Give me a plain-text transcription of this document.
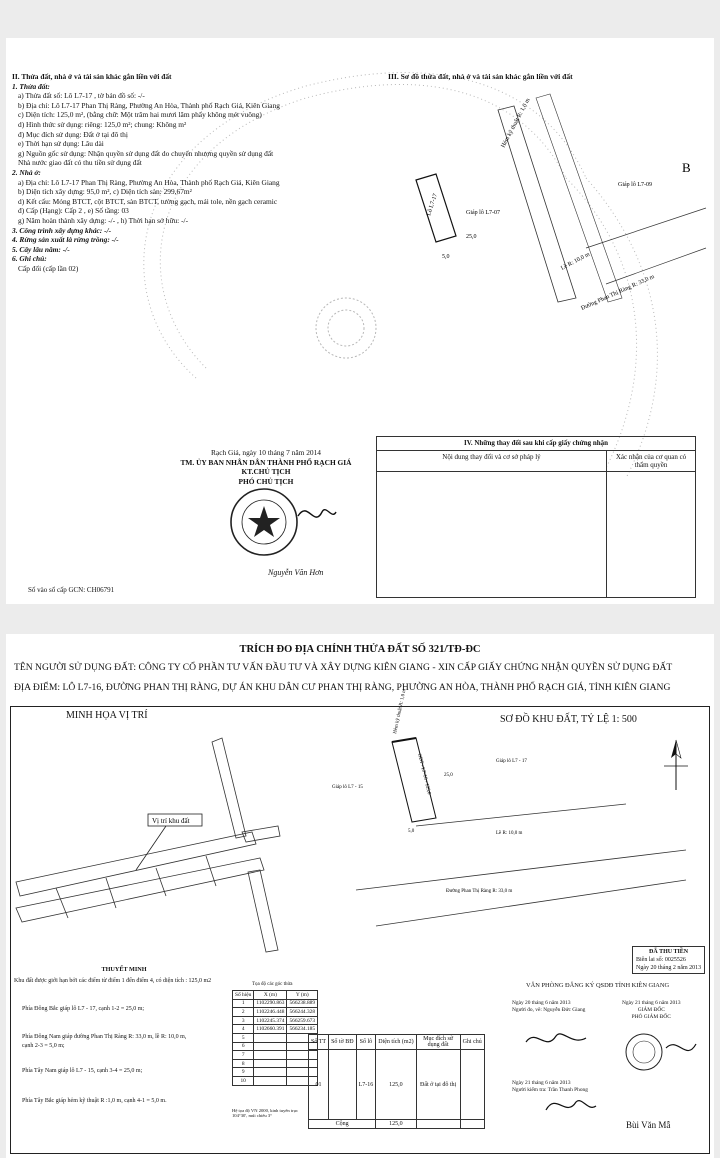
II. Thửa đất, nhà ở và tài sản khác gắn liền với đất
1. Thửa đất:
a) Thửa đất số: Lô L7-17 , tờ bản đồ số: -/-
b) Địa chỉ: Lô L7-17 Phan Thị Ràng, Phường An Hòa, Thành phố Rạch Giá, Kiên Giang
c) Diện tích: 125,0 m², (bằng chữ: Một trăm hai mươi lăm phẩy không mét vuông)
d) Hình thức sử dụng: riêng: 125,0 m²; chung: Không m²
đ) Mục đích sử dụng: Đất ở tại đô thị
e) Thời hạn sử dụng: Lâu dài
g) Nguồn gốc sử dụng: Nhận quyền sử dụng đất do chuyển nhượng quyền sử dụng đất
Nhà nước giao đất có thu tiền sử dụng đất
2. Nhà ở:
a) Địa chỉ: Lô L7-17 Phan Thị Ràng, Phường An Hòa, Thành phố Rạch Giá, Kiên Giang
b) Diện tích xây dựng: 95,0 m², c) Diện tích sàn: 299,67m²
d) Kết cấu: Móng BTCT, cột BTCT, sàn BTCT, tường gạch, mái tole, nền gạch ceramic
đ) Cấp (Hạng): Cấp 2 , e) Số tầng: 03
g) Năm hoàn thành xây dựng: -/- , h) Thời hạn sở hữu: -/-
3. Công trình xây dựng khác: -/-
4. Rừng sản xuất là rừng trồng: -/-
5. Cây lâu năm: -/-
6. Ghi chú:
Cấp đổi (cấp lần 02)
III. Sơ đồ thửa đất, nhà ở và tài sản khác gắn liền với đất
Hẻm kỹ thuật R: 1,0 m
Giáp lô L7-07
Giáp lô L7-09
Lề R: 10,0 m
Đường Phan Thị Ràng R: 33,0 m
Lô L7-17
5,0
25,0
B
Rạch Giá, ngày 10 tháng 7 năm 2014
TM. ỦY BAN NHÂN DÂN THÀNH PHỐ RẠCH GIÁ
KT.CHỦ TỊCH
PHÓ CHỦ TỊCH
Nguyễn Văn Hơn
Số vào sổ cấp GCN: CH06791
IV. Những thay đổi sau khi cấp giấy chứng nhận	
Nội dung thay đổi và cơ sở pháp lý	Xác nhận của cơ quan có thẩm quyền

TRÍCH ĐO ĐỊA CHÍNH THỬA ĐẤT SỐ 321/TĐ-ĐC
TÊN NGƯỜI SỬ DỤNG ĐẤT: CÔNG TY CỔ PHẦN TƯ VẤN ĐẦU TƯ VÀ XÂY DỰNG KIÊN GIANG - XIN CẤP GIẤY CHỨNG NHẬN QUYỀN SỬ DỤNG ĐẤT
ĐỊA ĐIỂM: LÔ L7-16, ĐƯỜNG PHAN THỊ RÀNG, DỰ ÁN KHU DÂN CƯ PHAN THỊ RÀNG, PHƯỜNG AN HÒA, THÀNH PHỐ RẠCH GIÁ, TỈNH KIÊN GIANG
MINH HỌA VỊ TRÍ	SƠ ĐỒ KHU ĐẤT, TỶ LỆ 1: 500
Vị trí khu đất
Hẻm kỹ thuật R: 1,0 m
Giáp lô L7 - 15
Giáp lô L7 - 17
ODT - L7-16 - 125,0	25,0
5,0	Lề R: 10,0 m
Đường Phan Thị Ràng R: 33,0 m
THUYẾT MINH
Khu đất được giới hạn bởi các điểm từ điểm 1 đến điểm 4, có diện tích : 125,0 m2
Phía Đông Bắc giáp lô L7 - 17, cạnh 1-2 = 25,0 m;
Phía Đông Nam giáp đường Phan Thị Ràng R: 33,0 m, lề R: 10,0 m,
cạnh 2-3 = 5,0 m;
Phía Tây Nam giáp lô L7 - 15, cạnh 3-4 = 25,0 m;
Phía Tây Bắc giáp hẻm kỹ thuật R :1,0 m, cạnh 4-1 = 5,0 m.
Tọa độ các góc thửa
Số hiệu	X (m)	Y (m)
1	1102290.863	566238.889
2	1102246.448	566244.328
3	1102245.374	566259.673
4	1102660.391	566234.185
5		
6		
7		
8		
9		
10		
Hệ tọa độ VN 2000, kinh tuyến trục 104°30', múi chiếu 3°
Số TT	Số tờ BĐ	Số lô	Diện tích (m2)	Mục đích sử dụng đất	Ghi chú
01		L7-16	125,0	Đất ở tại đô thị	
Cộng			125,0		
VĂN PHÒNG ĐĂNG KÝ QSDĐ TỈNH KIÊN GIANG
Ngày 20 tháng 6 năm 2013
Người đo, vẽ: Nguyễn Đức Giang
Ngày 21 tháng 6 năm 2013
Người kiểm tra: Trần Thanh Phong
Ngày 21 tháng 6 năm 2013
GIÁM ĐỐC
PHÓ GIÁM ĐỐC
ĐÃ THU TIỀN
Biên lai số: 0025526
Ngày 20 tháng 2 năm 2013
Bùi Văn Mẫ
